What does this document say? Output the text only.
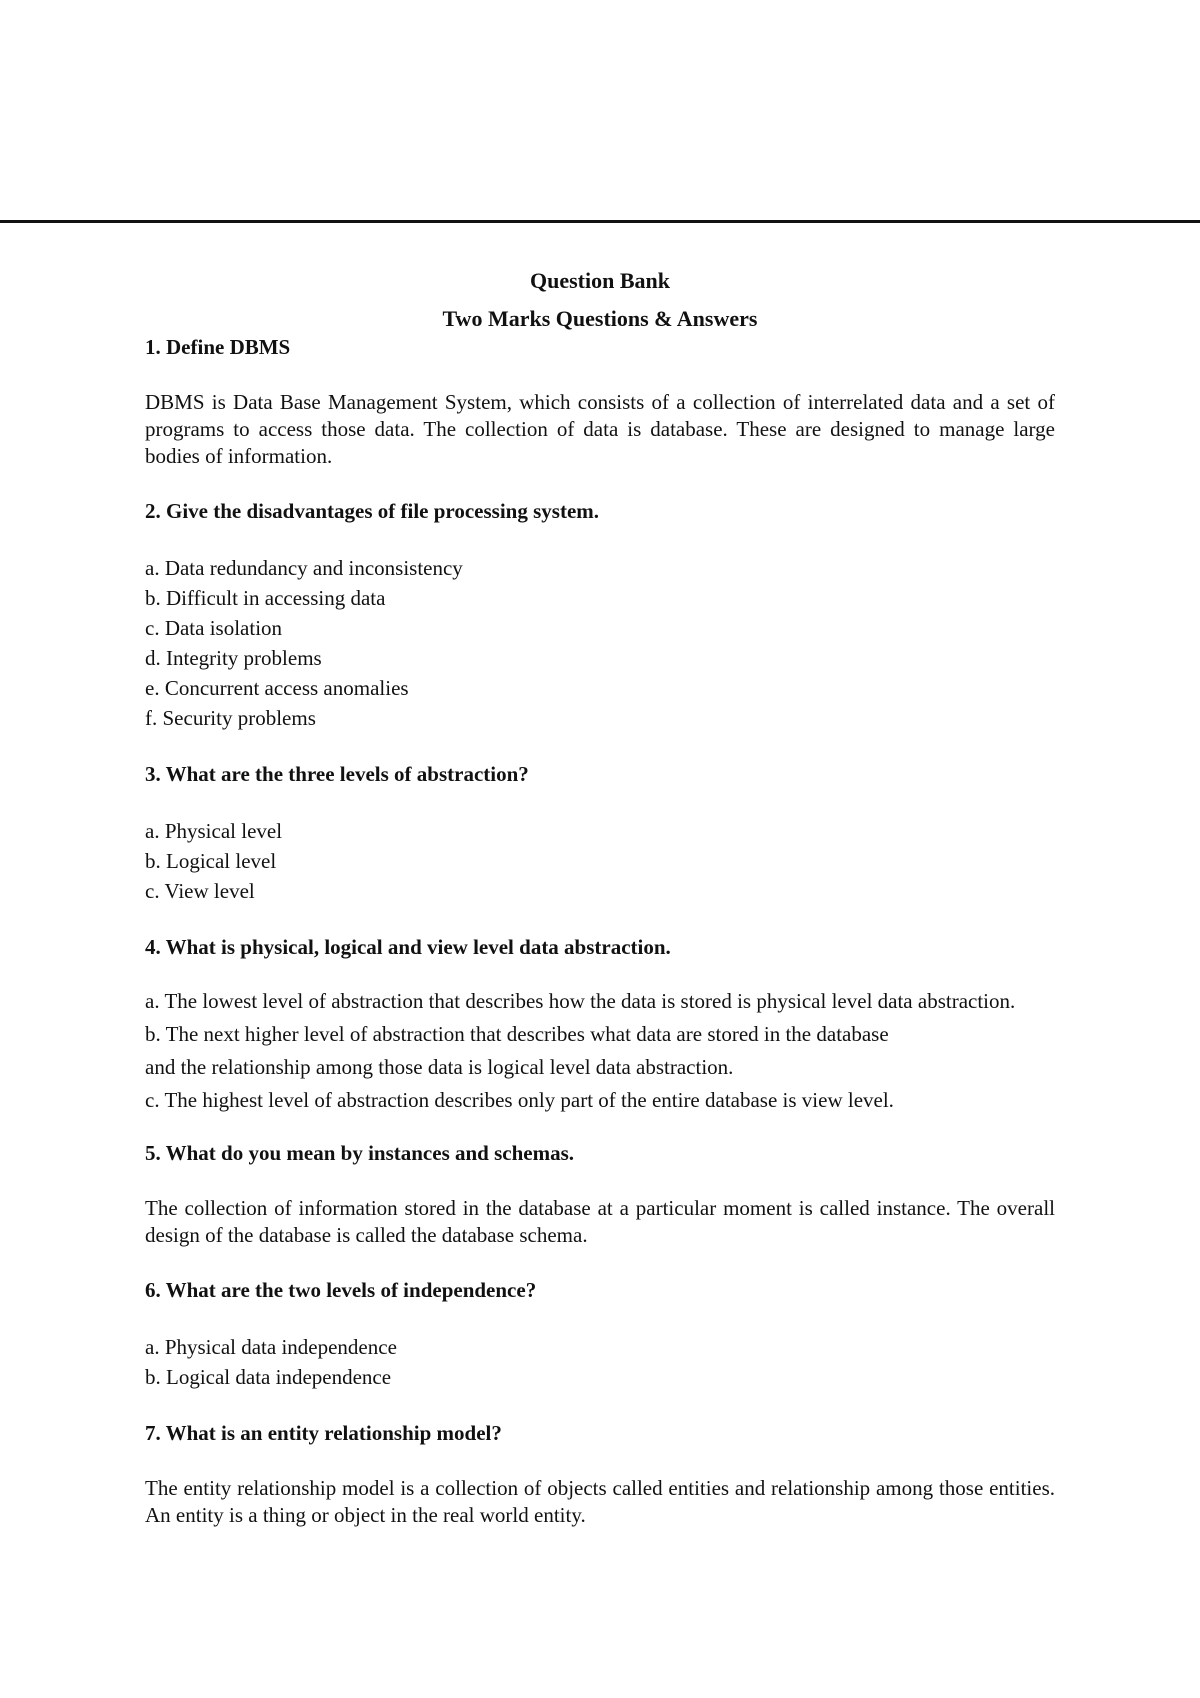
Question Bank

Two Marks Questions & Answers

1. Define DBMS

DBMS is Data Base Management System, which consists of a collection of interrelated data and a set of programs to access those data. The collection of data is database. These are designed to manage large bodies of information.

2. Give the disadvantages of file processing system.

a. Data redundancy and inconsistency
b. Difficult in accessing data
c. Data isolation
d. Integrity problems
e. Concurrent access anomalies
f. Security problems

3. What are the three levels of abstraction?

a. Physical level
b. Logical level
c. View level

4. What is physical, logical and view level data abstraction.

a. The lowest level of abstraction that describes how the data is stored is physical level data abstraction.
b. The next higher level of abstraction that describes what data are stored in the database
and the relationship among those data is logical level data abstraction.
c. The highest level of abstraction describes only part of the entire database is view level.

5. What do you mean by instances and schemas.

The collection of information stored in the database at a particular moment is called instance. The overall design of the database is called the database schema.

6. What are the two levels of independence?

a. Physical data independence
b. Logical data independence

7. What is an entity relationship model?

The entity relationship model is a collection of objects called entities and relationship among those entities. An entity is a thing or object in the real world entity.
